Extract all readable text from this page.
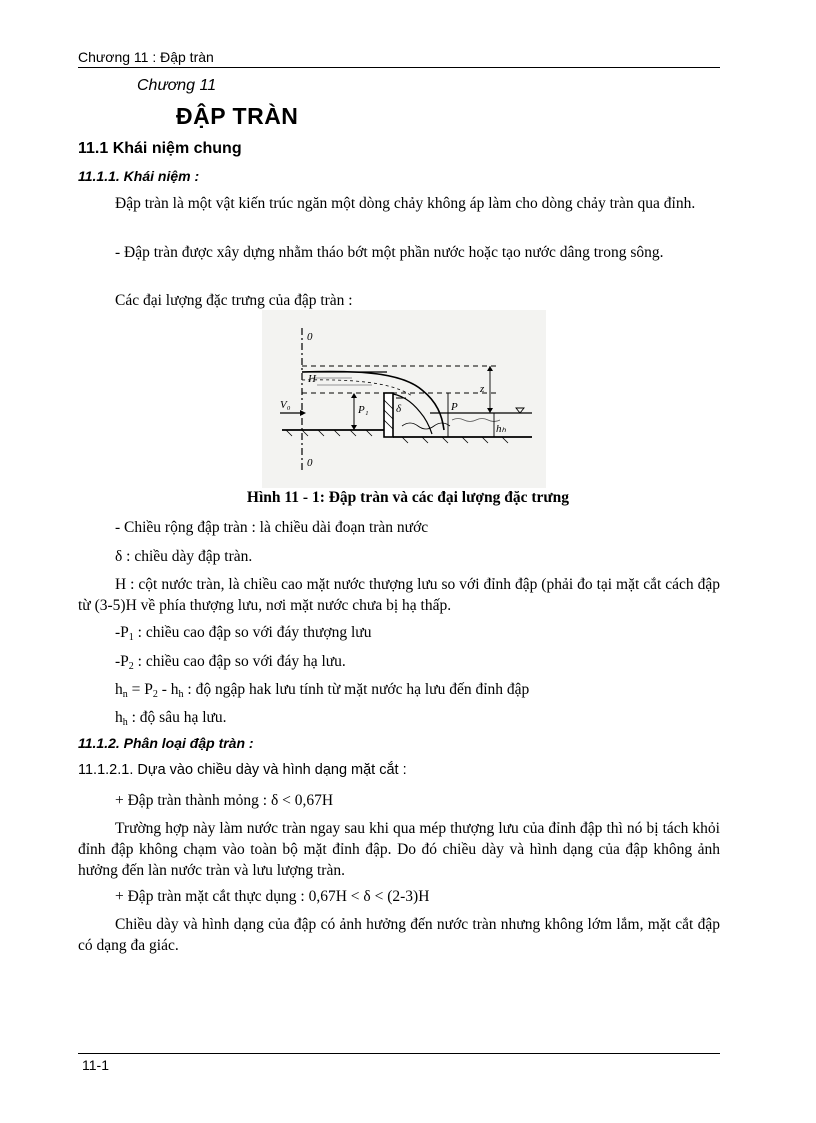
Chương 11 : Đập tràn
Chương 11
ĐẬP TRÀN
11.1 Khái niệm chung
11.1.1. Khái niệm :

Đập tràn là một vật kiến trúc ngăn một dòng chảy không áp làm cho dòng chảy tràn qua đỉnh.

- Đập tràn được xây dựng nhằm tháo bớt một phần nước hoặc tạo nước dâng trong sông.

Các đại lượng đặc trưng của đập tràn :

0
0
V₀
H
P₁ δ	P
z
hₕ
Hình 11 - 1: Đập tràn và các đại lượng đặc trưng
- Chiều rộng đập tràn : là chiều dài đoạn tràn nước
δ : chiều dày đập tràn.

H : cột nước tràn, là chiều cao mặt nước thượng lưu so với đỉnh đập (phải đo tại mặt cắt cách đập từ (3-5)H về phía thượng lưu, nơi mặt nước chưa bị hạ thấp.

$-P_1$ : chiều cao đập so với đáy thượng lưu
$-P_2$ : chiều cao đập so với đáy hạ lưu.
$h_n = P_2 - h_h$ : độ ngập hak lưu tính từ mặt nước hạ lưu đến đỉnh đập
$h_h$ : độ sâu hạ lưu.
11.1.2. Phân loại đập tràn :
11.1.2.1. Dựa vào chiều dày và hình dạng mặt cắt :
+ Đập tràn thành mỏng : δ < 0,67H

Trường hợp này làm nước tràn ngay sau khi qua mép thượng lưu của đỉnh đập thì nó bị tách khỏi đỉnh đập không chạm vào toàn bộ mặt đỉnh đập. Do đó chiều dày và hình dạng của đập không ảnh hưởng đến làn nước tràn và lưu lượng tràn.

+ Đập tràn mặt cắt thực dụng : 0,67H < δ < (2-3)H

Chiều dày và hình dạng của đập có ảnh hưởng đến nước tràn nhưng không lớm lắm, mặt cắt đập có dạng đa giác.

11-1
